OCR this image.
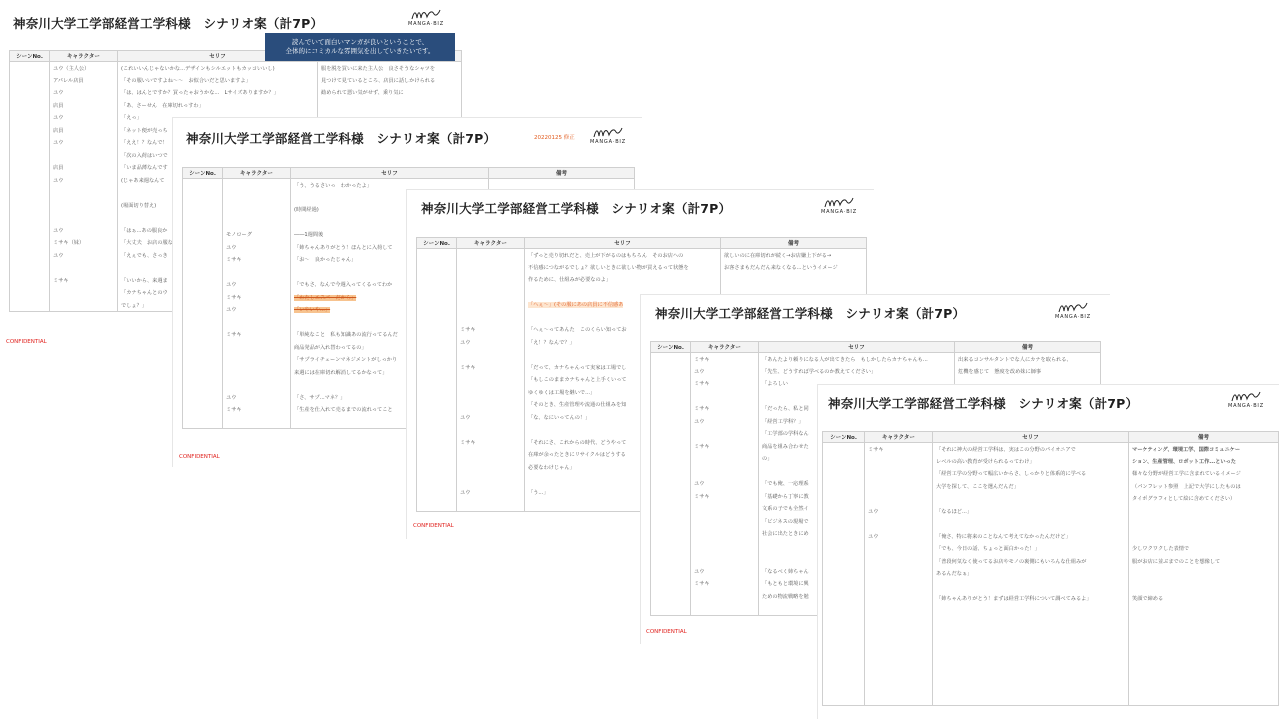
神奈川大学工学部経営工学科様　シナリオ案（計7P）	MANGA·BIZ
シーンNo.	キャラクター	セリフ	
	ユウ（主人公）	(これいいんじゃないかな...デザインもシルエットもカッコいいし)	服を脱を買いに来た主人公　良さそうなシャツを
	アパレル店員	「その服いいですよね〜〜　お似合いだと思いますよ」	見つけて見ているところ、店員に話しかけられる
	ユウ	「は、はんとですか？買ったゃおうかな...　Lサイズありますか？」	勧められて悪い気がせず、乗り気に
	店員	「あ、さーせん　在庫切れっすわ」	
	ユウ	「えっ」	
	店員	「ネット便が売っち	
	ユウ	「ええ！？なんで！	
		「次の入荷はいつで	
	店員	「いま品薄なんです	
	ユウ	(じゃあ来週なんて	

		(場面切り替え)	

	ユウ	「はぁ...あの服良か	
	ミサキ（妹）	「大丈夫　お店の服な	
	ユウ	「えぇでも、さっき	

	ミサキ	「いいから、来週ま	
		「カナちゃんとのウ	
		でしょ？」	
CONFIDENTIAL
読んでいて面白いマンガが良いということで、
全体的にコミカルな雰囲気を出していきたいです。
神奈川大学工学部経営工学科様　シナリオ案（計7P）	20220125 修正
MANGA·BIZ
シーンNo.	キャラクター	セリフ	備考
		「う、うるさいっ　わかったよ」	

		(時間経過)	

	モノローグ	――1週間後	
	ユウ	「姉ちゃんありがとう！ほんとに入荷して	
	ミサキ	「お〜　良かったじゃん」	

	ユウ	「でもさ、なんで今週入ってくるってわか	
	ミサキ	「わたしエスパーだから」	
	ユウ	「いやいや...」	

	ミサキ	「単純なこと　私も知識あの流行ってるんだ	
		商品発品が入れ替わってるの」	
		「サプライチェーンマネジメントがしっかり	
		来週には在庫切れ解消してるかなって」	

	ユウ	「さ、サプ...マネ？」	
	ミサキ	「生産を仕入れて売るまでの流れってこと	

CONFIDENTIAL
神奈川大学工学部経営工学科様　シナリオ案（計7P）	MANGA·BIZ
シーンNo.	キャラクター	セリフ	備考
		「ずっと売り切れだと、売上が下がるのはもちろん　そのお店への	欲しいのに在庫切れが続く→お店嫌上下がる→
		不信感につながるでしょ？欲しいときに欲しい物が買えるって状態を	お客さまもだんだん来なくなる...というイメージ
		作るために、仕組みが必要なのよ」	

		「へぇ〜」(その服にあの店員に不信感あ	

	ミサキ	「へぇ〜ってあんた　このくらい知ってお	
	ユウ	「え！？なんで？」	

	ミサキ	「だって、カナちゃんって実家は工場でし	
		「もしこのままカナちゃんと上手くいって	
		ゆくゆくは工場を継いで...」	
		「そのとき、生産管理や流通の仕組みを知	
	ユウ	「な、なにいってんの！」	

	ミサキ	「それにさ、これからの時代、どうやって	
		在庫が余ったときにリサイクルはどうする	
		必要なわけじゃん」	

	ユウ	「う...」	

CONFIDENTIAL
神奈川大学工学部経営工学科様　シナリオ案（計7P）	MANGA·BIZ
シーンNo.	キャラクター	セリフ	備考
	ミサキ	「あんたより頼りになる人が出てきたら　もしかしたらカナちゃんも...	出来るコンサルタントでな人にカナを取られる、
	ユウ	「先生、どうすれば学べるのか教えてください」	危機を感じて　態度を改め妹に師事
	ミサキ	「よろしい	

	ミサキ	「だったら、私と同	
	ユウ	「経営工学科？」	
		「工学部の学科なん	
	ミサキ	商品を組み合わせた	
		の」	

	ユウ	「でも俺、一応理系	
	ミサキ	「基礎から丁寧に教	
		文系の子でも全然イ	
		「ビジネスの現場で	
		社会に出たときにめ	

	ユウ	「なるべく姉ちゃん	
	ミサキ	「もともと環境に興	
		ための物流戦略を勉	

CONFIDENTIAL
神奈川大学工学部経営工学科様　シナリオ案（計7P）	MANGA·BIZ
シーンNo.	キャラクター	セリフ	備考
	ミサキ	「それに神大の経営工学科は、実はこの分野のパイオニアで	マーケティング、環境工学、国際コミュニケー
		レベルの高い教育が受けられるってわけ」	ション、生産管理、ロボット工作...といった
		「経営工学の分野って幅広いからさ、しっかりと体系的に学べる	様々な分野が経営工学に含まれているイメージ
		大学を探して、ここを選んだんだ」	（パンフレット参照　上記で大学にしたものは
			タイポグラフィとして絵に含めてください）
	ユウ	「なるほど...」	

	ユウ	「俺さ、特に将来のことなんて考えてなかったんだけど」	
		「でも、今日の話、ちょっと面白かった！」	少しワクワクした表情で
		「普段何気なく使ってるお店やモノの裏側にもいろんな仕組みが	服がお店に並ぶまでのことを想像して
		あるんだなぁ」	

		「姉ちゃんありがとう！まずは経営工学科について調べてみるよ」	笑顔で締める
